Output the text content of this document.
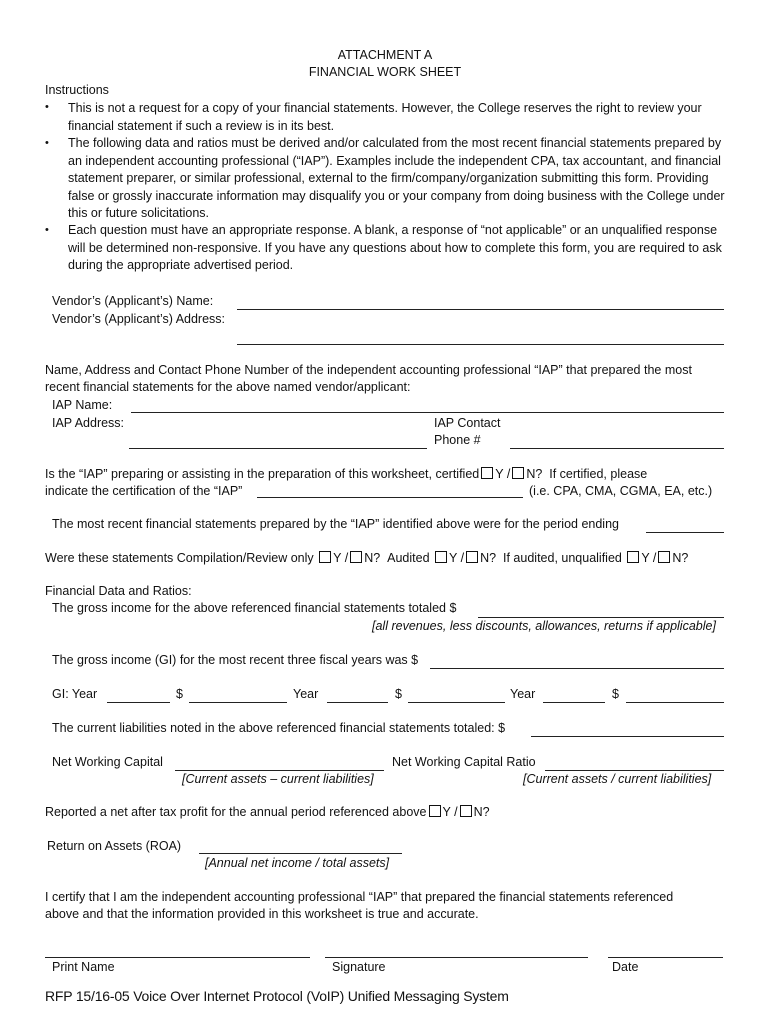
ATTACHMENT A
FINANCIAL WORK SHEET
Instructions
• This is not a request for a copy of your financial statements. However, the College reserves the right to review your financial statement if such a review is in its best.
• The following data and ratios must be derived and/or calculated from the most recent financial statements prepared by an independent accounting professional (“IAP”). Examples include the independent CPA, tax accountant, and financial statement preparer, or similar professional, external to the firm/company/organization submitting this form. Providing false or grossly inaccurate information may disqualify you or your company from doing business with the College under this or future solicitations.
• Each question must have an appropriate response. A blank, a response of “not applicable” or an unqualified response will be determined non-responsive. If you have any questions about how to complete this form, you are required to ask during the appropriate advertised period.
Vendor’s (Applicant’s) Name:
Vendor’s (Applicant’s) Address:
Name, Address and Contact Phone Number of the independent accounting professional “IAP” that prepared the most
recent financial statements for the above named vendor/applicant:
IAP Name:
IAP Address:	IAP Contact
Phone #
Is the “IAP” preparing or assisting in the preparation of this worksheet, certified Y / N? If certified, please
indicate the certification of the “IAP”	(i.e. CPA, CMA, CGMA, EA, etc.)
The most recent financial statements prepared by the “IAP” identified above were for the period ending
Were these statements Compilation/Review only Y / N? Audited Y / N? If audited, unqualified Y / N?
Financial Data and Ratios:
The gross income for the above referenced financial statements totaled $
[all revenues, less discounts, allowances, returns if applicable]
The gross income (GI) for the most recent three fiscal years was $
GI: Year	$	Year	$	Year	$
The current liabilities noted in the above referenced financial statements totaled: $
Net Working Capital
[Current assets – current liabilities]
Net Working Capital Ratio
[Current assets / current liabilities]
Reported a net after tax profit for the annual period referenced above Y / N?
Return on Assets (ROA)
[Annual net income / total assets]
I certify that I am the independent accounting professional “IAP” that prepared the financial statements referenced
above and that the information provided in this worksheet is true and accurate.
Print Name	Signature	Date
RFP 15/16-05 Voice Over Internet Protocol (VoIP) Unified Messaging System
